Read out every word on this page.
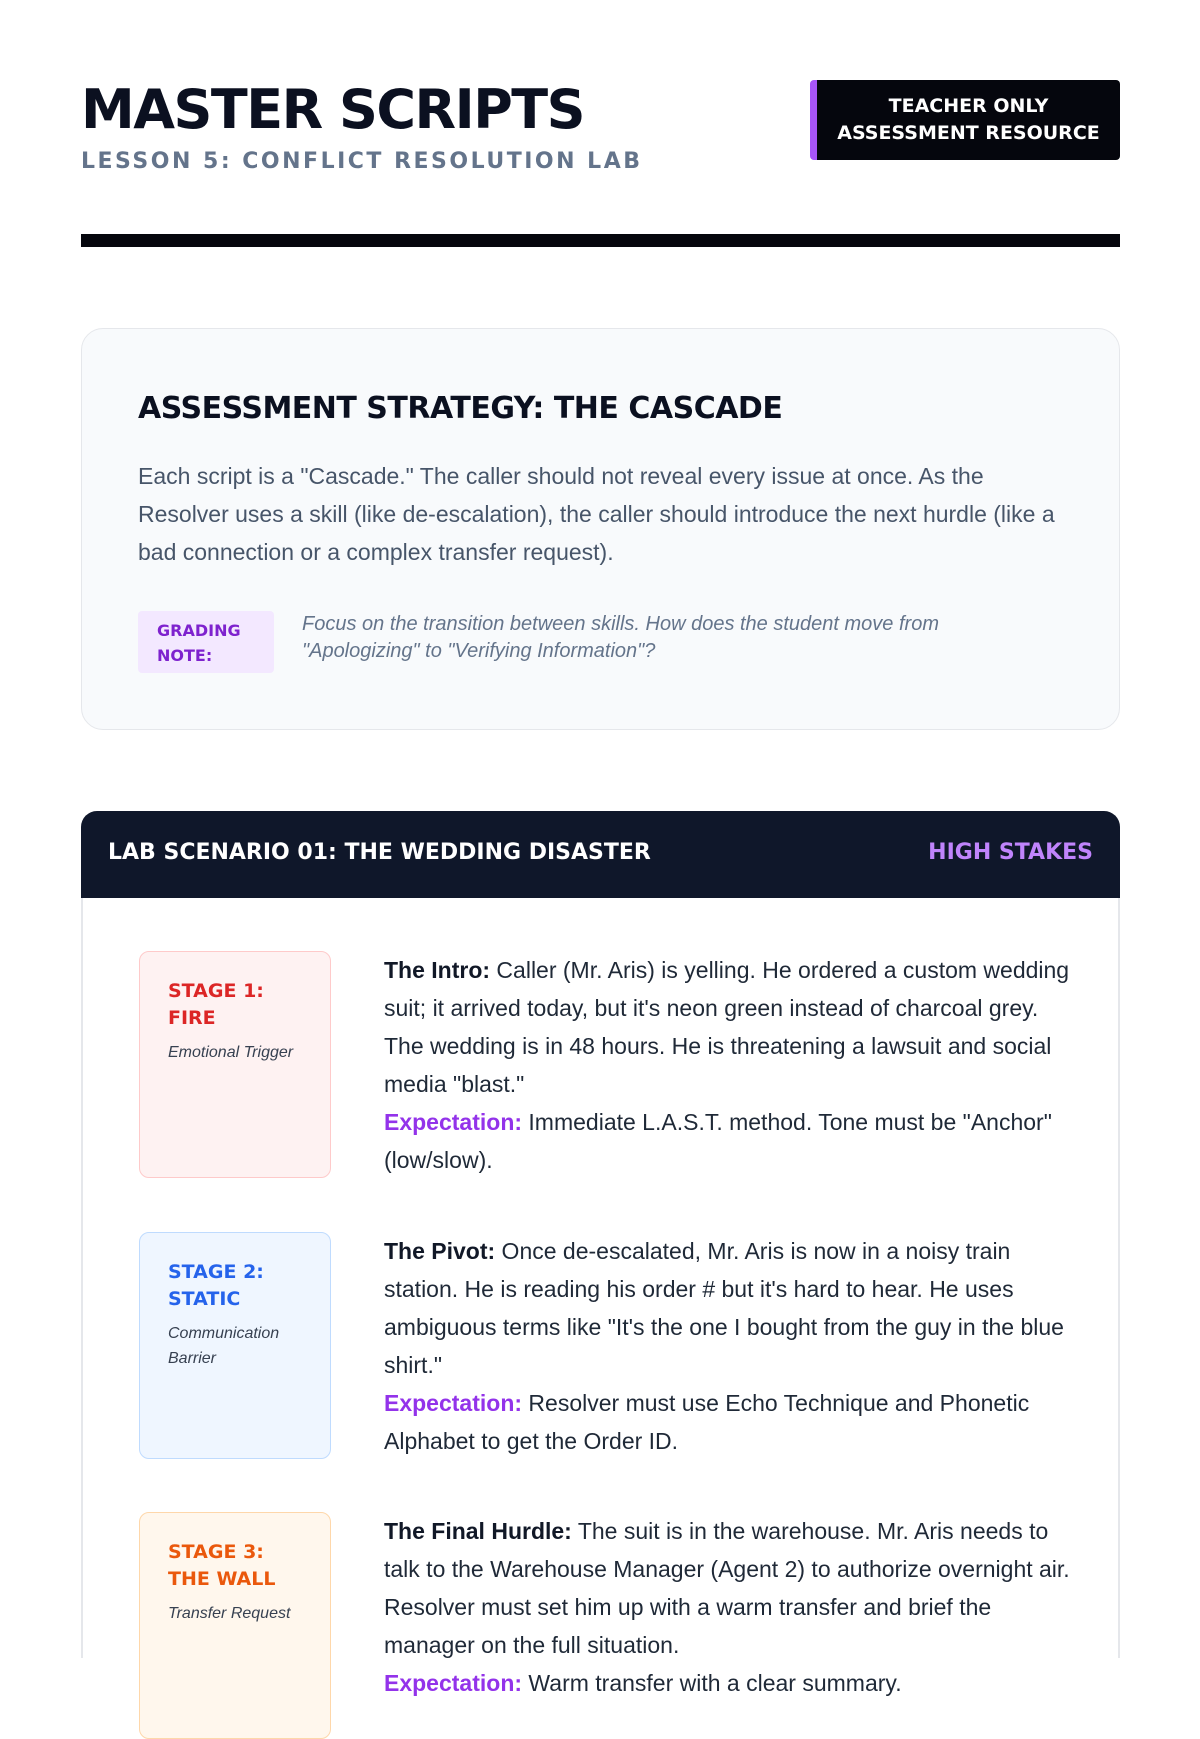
MASTER SCRIPTS
LESSON 5: CONFLICT RESOLUTION LAB
TEACHER ONLY
ASSESSMENT RESOURCE
ASSESSMENT STRATEGY: THE CASCADE

Each script is a "Cascade." The caller should not reveal every issue at once. As the Resolver uses a skill (like de-escalation), the caller should introduce the next hurdle (like a bad connection or a complex transfer request).

GRADING
NOTE:

Focus on the transition between skills. How does the student move from "Apologizing" to "Verifying Information"?

LAB SCENARIO 01: THE WEDDING DISASTER	HIGH STAKES
STAGE 1: FIRE
Emotional Trigger
The Intro: Caller (Mr. Aris) is yelling. He ordered a custom wedding suit; it arrived today, but it's neon green instead of charcoal grey. The wedding is in 48 hours. He is threatening a lawsuit and social media "blast."

Expectation: Immediate L.A.S.T. method. Tone must be "Anchor" (low/slow).

STAGE 2: STATIC
Communication Barrier
The Pivot: Once de-escalated, Mr. Aris is now in a noisy train station. He is reading his order # but it's hard to hear. He uses ambiguous terms like "It's the one I bought from the guy in the blue shirt."

Expectation: Resolver must use Echo Technique and Phonetic Alphabet to get the Order ID.

STAGE 3: THE WALL
Transfer Request
The Final Hurdle: The suit is in the warehouse. Mr. Aris needs to talk to the Warehouse Manager (Agent 2) to authorize overnight air. Resolver must set him up with a warm transfer and brief the manager on the full situation.

Expectation: Warm transfer with a clear summary.
